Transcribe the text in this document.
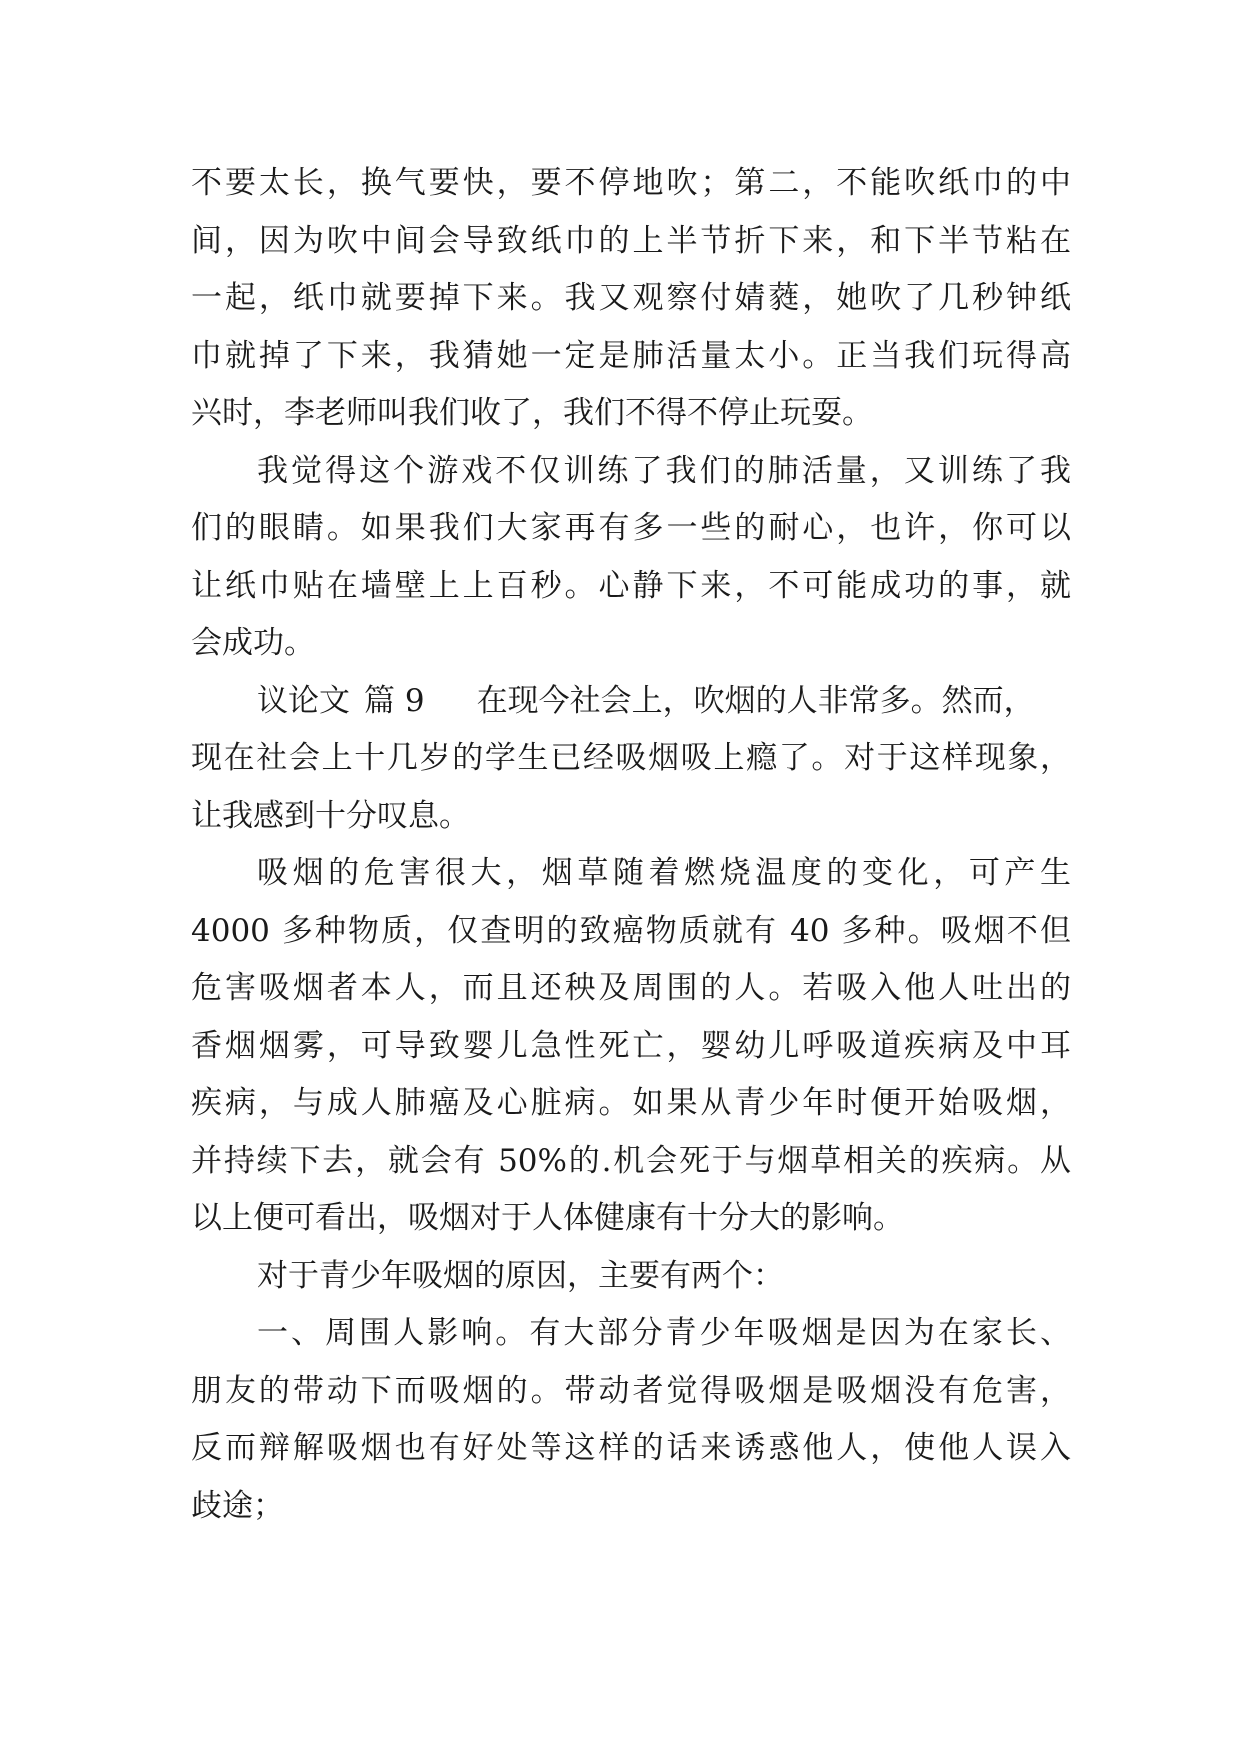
不要太长，换气要快，要不停地吹；第二，不能吹纸巾的中
间，因为吹中间会导致纸巾的上半节折下来，和下半节粘在
一起，纸巾就要掉下来。我又观察付婧蕤，她吹了几秒钟纸
巾就掉了下来，我猜她一定是肺活量太小。正当我们玩得高
兴时，李老师叫我们收了，我们不得不停止玩耍。
我觉得这个游戏不仅训练了我们的肺活量，又训练了我
们的眼睛。如果我们大家再有多一些的耐心，也许，你可以
让纸巾贴在墙壁上上百秒。心静下来，不可能成功的事，就
会成功。
议论文 篇 9 在现今社会上，吹烟的人非常多。然而，
现在社会上十几岁的学生已经吸烟吸上瘾了。对于这样现象，
让我感到十分叹息。
吸烟的危害很大，烟草随着燃烧温度的变化，可产生
4000 多种物质，仅查明的致癌物质就有 40 多种。吸烟不但
危害吸烟者本人，而且还秧及周围的人。若吸入他人吐出的
香烟烟雾，可导致婴儿急性死亡，婴幼儿呼吸道疾病及中耳
疾病，与成人肺癌及心脏病。如果从青少年时便开始吸烟，
并持续下去，就会有 50%的.机会死于与烟草相关的疾病。从
以上便可看出，吸烟对于人体健康有十分大的影响。
对于青少年吸烟的原因，主要有两个：
一、周围人影响。有大部分青少年吸烟是因为在家长、
朋友的带动下而吸烟的。带动者觉得吸烟是吸烟没有危害，
反而辩解吸烟也有好处等这样的话来诱惑他人，使他人误入
歧途；
